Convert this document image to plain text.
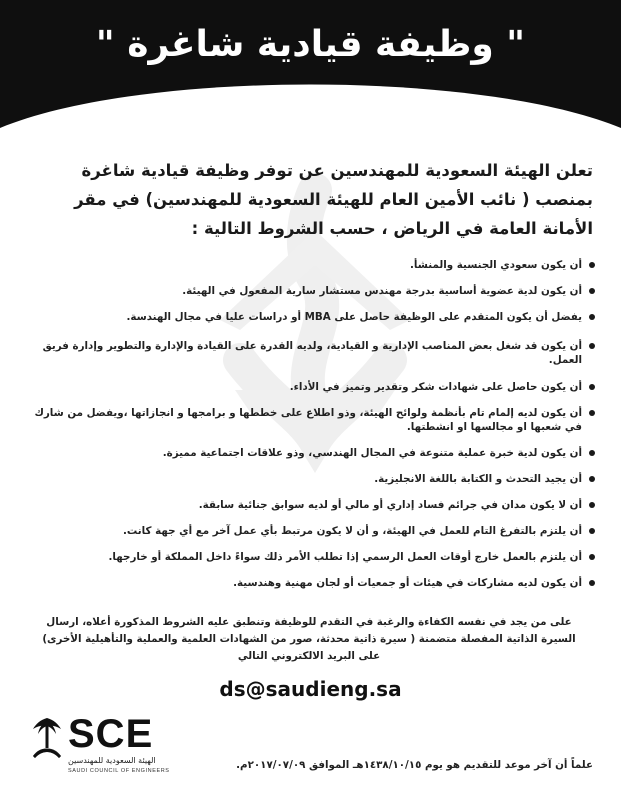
" وظيفة قيادية شاغرة "
تعلن الهيئة السعودية للمهندسين عن توفر وظيفة قيادية شاغرة
بمنصب ( نائب الأمين العام للهيئة السعودية للمهندسين) في مقر
الأمانة العامة في الرياض ، حسب الشروط التالية :
أن يكون سعودي الجنسية والمنشأ.
أن يكون لدية عضوية أساسية بدرجة مهندس مستشار سارية المفعول في الهيئة.
يفضل أن يكون المتقدم على الوظيفة حاصل على MBA أو دراسات عليا في مجال الهندسة.
أن يكون قد شغل بعض المناصب الإدارية و القيادية، ولديه القدرة على القيادة والإدارة والتطوير وإدارة فريق العمل.
أن يكون حاصل على شهادات شكر وتقدير وتميز في الأداء.
أن يكون لديه إلمام تام بأنظمة ولوائح الهيئة، وذو اطلاع على خططها و برامجها و انجازاتها ،ويفضل من شارك في شعبها او مجالسها او انشطتها.
أن يكون لدية خبرة عملية متنوعة في المجال الهندسي، وذو علاقات اجتماعية مميزة.
أن يجيد التحدث و الكتابة باللغة الانجليزية.
أن لا يكون مدان في جرائم فساد إداري أو مالي أو لديه سوابق جنائية سابقة.
أن يلتزم بالتفرغ التام للعمل في الهيئة، و أن لا يكون مرتبط بأي عمل آخر مع أي جهة كانت.
أن يلتزم بالعمل خارج أوقات العمل الرسمي إذا تطلب الأمر ذلك سواءً داخل المملكة أو خارجها.
أن يكون لديه مشاركات في هيئات أو جمعيات أو لجان مهنية وهندسية.
على من يجد في نفسه الكفاءة والرغبة في التقدم للوظيفة وتنطبق عليه الشروط المذكورة أعلاه، ارسال
السيرة الذاتية المفصلة متضمنة ( سيرة ذاتية محدثة، صور من الشهادات العلمية والعملية والتأهيلية الأخرى)
على البريد الالكتروني التالي
ds@saudieng.sa
SCE
الهيئة السعودية للمهندسين
SAUDI COUNCIL OF ENGINEERS	علماً أن آخر موعد للتقديم هو يوم ١٤٣٨/١٠/١٥هـ الموافق ٢٠١٧/٠٧/٠٩م.
